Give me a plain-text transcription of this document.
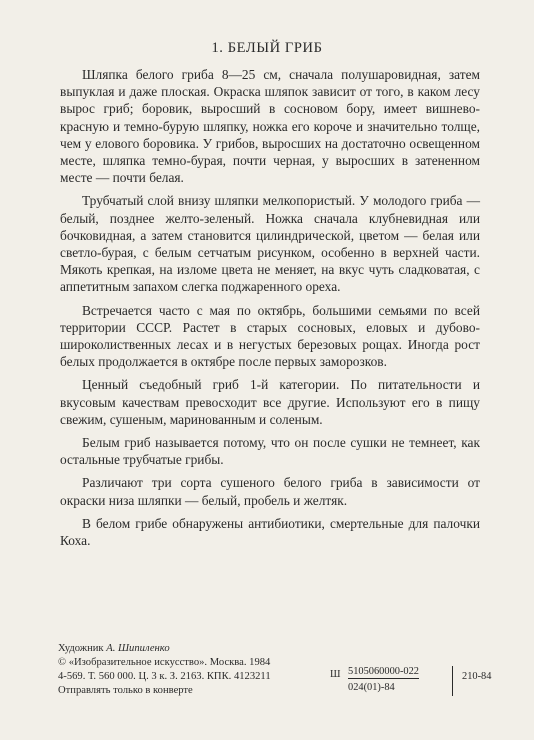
1. БЕЛЫЙ ГРИБ

Шляпка белого гриба 8—25 см, сначала полушаровидная, затем выпуклая и даже плоская. Окраска шляпок зависит от того, в каком лесу вырос гриб; боровик, выросший в сосновом бору, имеет вишнево-красную и темно-бурую шляпку, ножка его короче и значительно толще, чем у елового боровика. У грибов, выросших на достаточно освещенном месте, шляпка темно-бурая, почти черная, у выросших в затененном месте — почти белая.

Трубчатый слой внизу шляпки мелкопористый. У молодого гриба — белый, позднее желто-зеленый. Ножка сначала клубневидная или бочковидная, а затем становится цилиндрической, цветом — белая или светло-бурая, с белым сетчатым рисунком, особенно в верхней части. Мякоть крепкая, на изломе цвета не меняет, на вкус чуть сладковатая, с аппетитным запахом слегка поджаренного ореха.

Встречается часто с мая по октябрь, большими семьями по всей территории СССР. Растет в старых сосновых, еловых и дубово-широколиственных лесах и в негустых березовых рощах. Иногда рост белых продолжается в октябре после первых заморозков.

Ценный съедобный гриб 1-й категории. По питательности и вкусовым качествам превосходит все другие. Используют его в пищу свежим, сушеным, маринованным и соленым.

Белым гриб называется потому, что он после сушки не темнеет, как остальные трубчатые грибы.

Различают три сорта сушеного белого гриба в зависимости от окраски низа шляпки — белый, пробель и желтяк.

В белом грибе обнаружены антибиотики, смертельные для палочки Коха.

Художник А. Шипиленко
© «Изобразительное искусство». Москва. 1984
4-569. Т. 560 000. Ц. 3 к. З. 2163. КПК. 4123211
Отправлять только в конверте
Ш 5105060000-022
024(01)-84
210-84
